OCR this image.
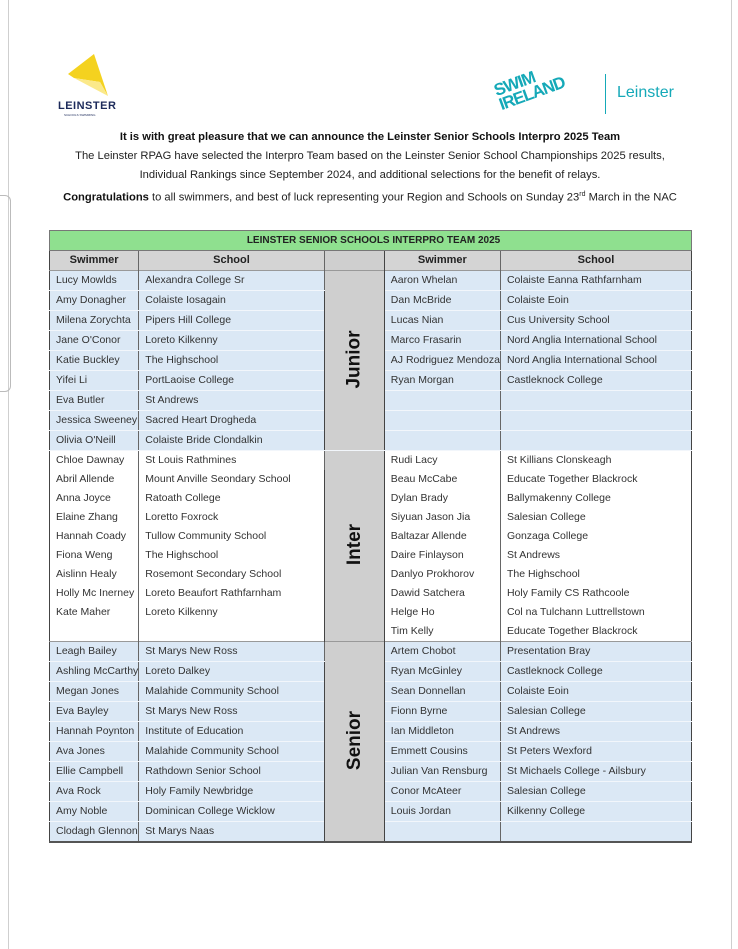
LEINSTER
SCHOOLS SWIMMING
SWIM IRELAND	Leinster
It is with great pleasure that we can announce the Leinster Senior Schools Interpro 2025 Team
The Leinster RPAG have selected the Interpro Team based on the Leinster Senior School Championships 2025 results, Individual Rankings since September 2024, and additional selections for the benefit of relays.
Congratulations to all swimmers, and best of luck representing your Region and Schools on Sunday 23rd March in the NAC
LEINSTER SENIOR SCHOOLS INTERPRO TEAM 2025				
Swimmer	School		Swimmer	School
Lucy Mowlds	Alexandra College Sr	Junior	Aaron Whelan	Colaiste Eanna Rathfarnham
Amy Donagher	Colaiste Iosagain		Dan McBride	Colaiste Eoin
Milena Zorychta	Pipers Hill College		Lucas Nian	Cus University School
Jane O'Conor	Loreto Kilkenny		Marco Frasarin	Nord Anglia International School
Katie Buckley	The Highschool		AJ Rodriguez Mendoza	Nord Anglia International School
Yifei Li	PortLaoise College		Ryan Morgan	Castleknock College
Eva Butler	St Andrews			
Jessica Sweeney	Sacred Heart Drogheda			
Olivia O'Neill	Colaiste Bride Clondalkin			
Chloe Dawnay	St Louis Rathmines	Inter	Rudi Lacy	St Killians Clonskeagh
Abril Allende	Mount Anville Seondary School		Beau McCabe	Educate Together Blackrock
Anna Joyce	Ratoath College		Dylan Brady	Ballymakenny College
Elaine Zhang	Loretto Foxrock		Siyuan Jason Jia	Salesian College
Hannah Coady	Tullow Community School		Baltazar Allende	Gonzaga College
Fiona Weng	The Highschool		Daire Finlayson	St Andrews
Aislinn Healy	Rosemont Secondary School		Danlyo Prokhorov	The Highschool
Holly Mc Inerney	Loreto Beaufort Rathfarnham		Dawid Satchera	Holy Family CS Rathcoole
Kate Maher	Loreto Kilkenny		Helge Ho	Col na Tulchann Luttrellstown
			Tim Kelly	Educate Together Blackrock
Leagh Bailey	St Marys New Ross	Senior	Artem Chobot	Presentation Bray
Ashling McCarthy	Loreto Dalkey		Ryan McGinley	Castleknock College
Megan Jones	Malahide Community School		Sean Donnellan	Colaiste Eoin
Eva Bayley	St Marys New Ross		Fionn Byrne	Salesian College
Hannah Poynton	Institute of Education		Ian Middleton	St Andrews
Ava Jones	Malahide Community School		Emmett Cousins	St Peters Wexford
Ellie Campbell	Rathdown Senior School		Julian Van Rensburg	St Michaels College - Ailsbury
Ava Rock	Holy Family Newbridge		Conor McAteer	Salesian College
Amy Noble	Dominican College Wicklow		Louis Jordan	Kilkenny College
Clodagh Glennon	St Marys Naas			
